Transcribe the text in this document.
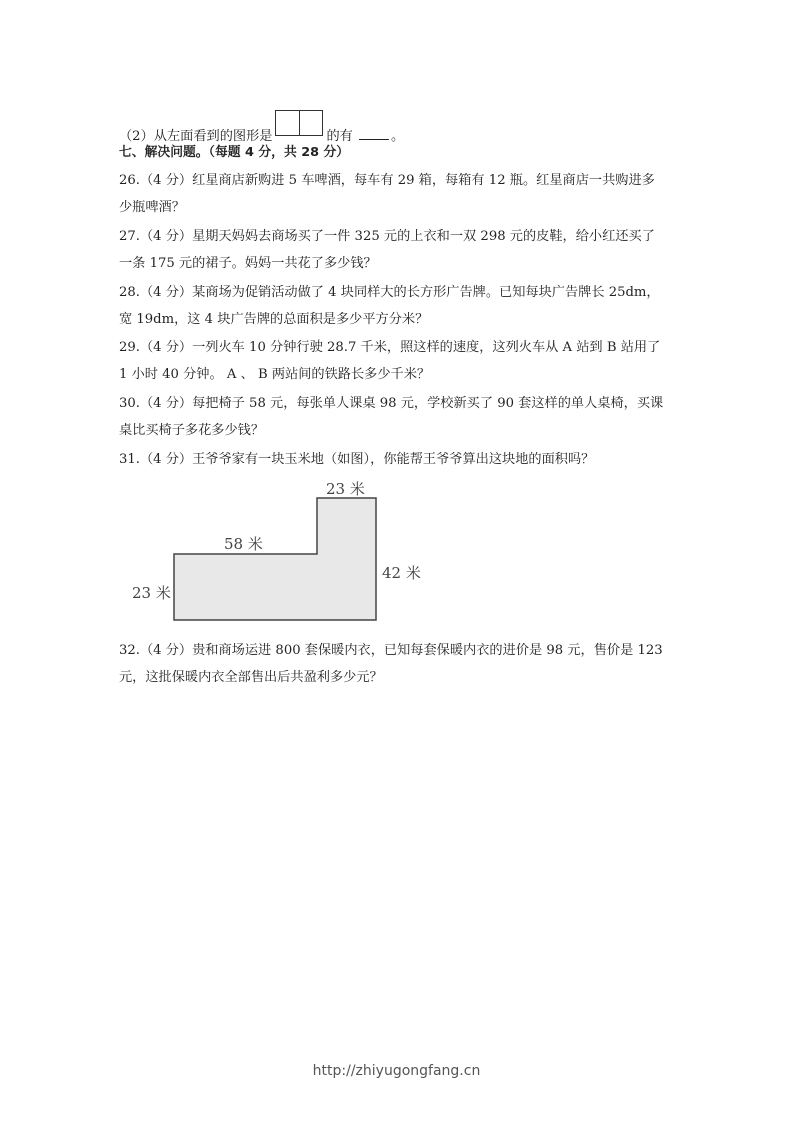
（2）从左面看到的图形是	的有	。
七、解决问题。（每题 4 分，共 28 分）
26.（4 分）红星商店新购进 5 车啤酒，每车有 29 箱，每箱有 12 瓶。红星商店一共购进多
少瓶啤酒？
27.（4 分）星期天妈妈去商场买了一件 325 元的上衣和一双 298 元的皮鞋，给小红还买了
一条 175 元的裙子。妈妈一共花了多少钱？
28.（4 分）某商场为促销活动做了 4 块同样大的长方形广告牌。已知每块广告牌长 25dm，
宽 19dm，这 4 块广告牌的总面积是多少平方分米？
29.（4 分）一列火车 10 分钟行驶 28.7 千米，照这样的速度，这列火车从 A 站到 B 站用了
1 小时 40 分钟。 A 、 B 两站间的铁路长多少千米？
30.（4 分）每把椅子 58 元，每张单人课桌 98 元，学校新买了 90 套这样的单人桌椅，买课
桌比买椅子多花多少钱？
31.（4 分）王爷爷家有一块玉米地（如图），你能帮王爷爷算出这块地的面积吗？
23 米
58 米
42 米
23 米
32.（4 分）贵和商场运进 800 套保暖内衣，已知每套保暖内衣的进价是 98 元，售价是 123
元，这批保暖内衣全部售出后共盈利多少元？
http://zhiyugongfang.cn
